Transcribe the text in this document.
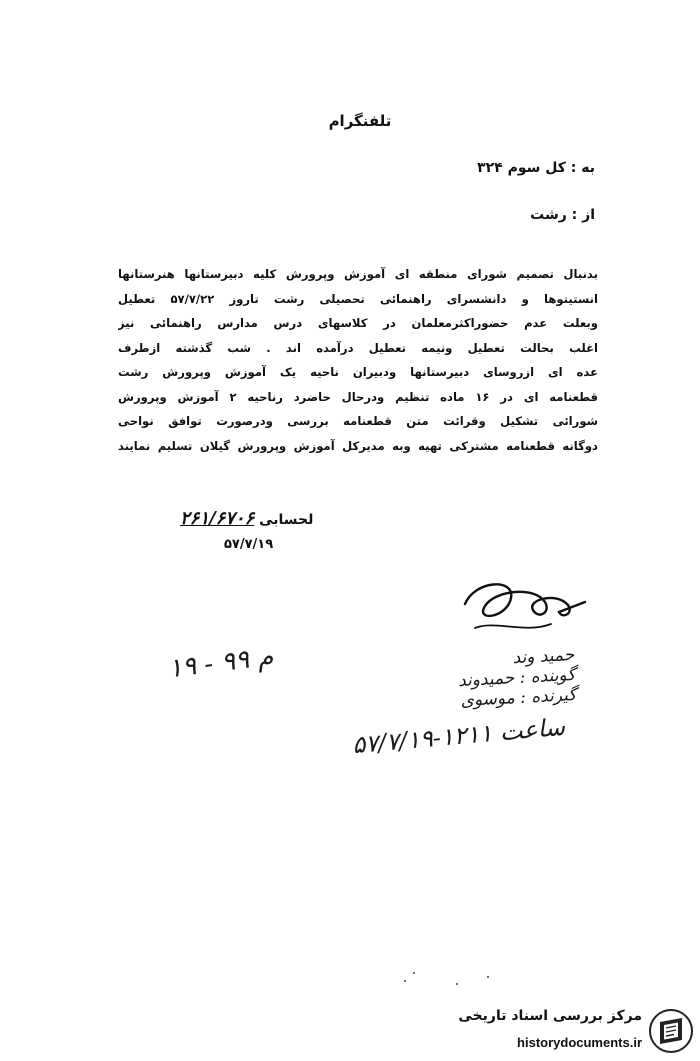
تلفنگرام
به : کل سوم ۳۲۴
از : رشت
بدنبال تصمیم شورای منطقه ای آموزش وپرورش کلیه دبیرستانها هنرستانها
انستیتوها و دانشسرای راهنمائی تحصیلی رشت تاروز ۵۷/۷/۲۲ تعطیل
وبعلت عدم حضوراکثرمعلمان در کلاسهای درس مدارس راهنمائی نیز
اغلب بحالت تعطیل ونیمه تعطیل درآمده اند . شب گذشته ازطرف
عده ای ازروسای دبیرستانها ودبیران ناحیه یک آموزش وپرورش رشت
قطعنامه ای در ۱۶ ماده تنظیم ودرحال حاضرد رناحیه ۲ آموزش وپرورش
شورائی تشکیل وقرائت متن قطعنامه بررسی ودرصورت توافق نواحی
دوگانه قطعنامه مشترکی تهیه وبه مدیرکل آموزش وپرورش گیلان تسلیم نمایند
لحسابی ۲۶۱/۶۷۰۶
۵۷/۷/۱۹
۱۹ - ۹۹ م	حمید وند
گوینده : حمیدوند
گیرنده : موسوی
۵۷/۷/۱۹-۱۲۱۱ ساعت
مرکز بررسی اسناد تاریخی
historydocuments.ir
